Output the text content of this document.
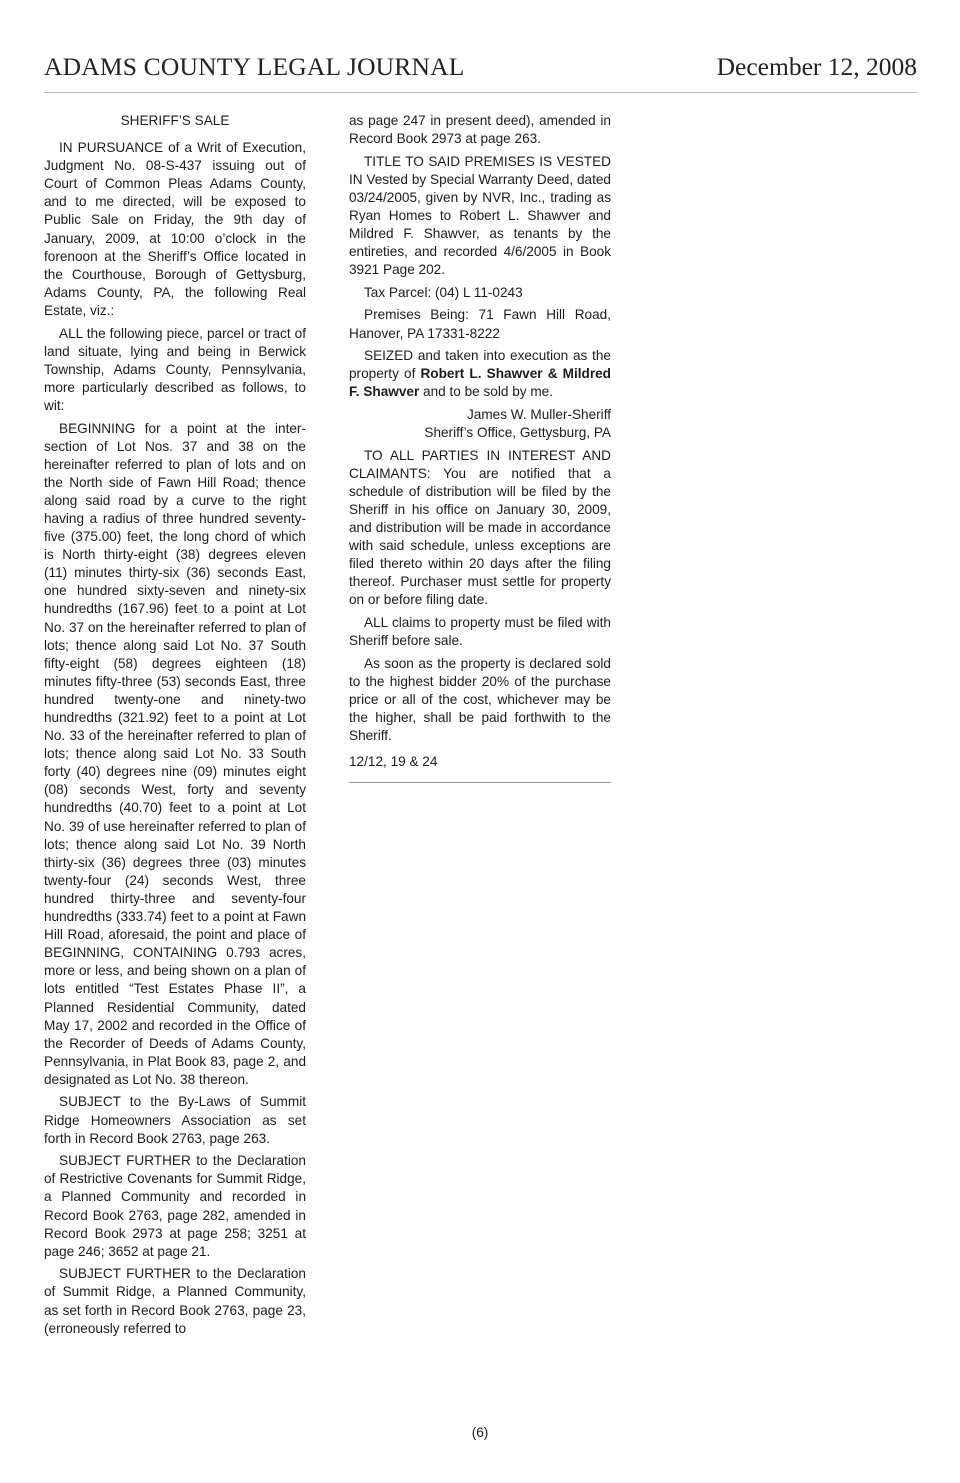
ADAMS COUNTY LEGAL JOURNAL	December 12, 2008

SHERIFF’S SALE

IN PURSUANCE of a Writ of Execution, Judgment No. 08-S-437 issuing out of Court of Common Pleas Adams County, and to me directed, will be exposed to Public Sale on Friday, the 9th day of January, 2009, at 10:00 o’clock in the forenoon at the Sheriff’s Office located in the Courthouse, Borough of Gettysburg, Adams County, PA, the following Real Estate, viz.:

ALL the following piece, parcel or tract of land situate, lying and being in Berwick Township, Adams County, Pennsylvania, more particularly described as follows, to wit:

BEGINNING for a point at the intersection of Lot Nos. 37 and 38 on the hereinafter referred to plan of lots and on the North side of Fawn Hill Road; thence along said road by a curve to the right having a radius of three hundred seventy-five (375.00) feet, the long chord of which is North thirty-eight (38) degrees eleven (11) minutes thirty-six (36) seconds East, one hundred sixty-seven and ninety-six hundredths (167.96) feet to a point at Lot No. 37 on the hereinafter referred to plan of lots; thence along said Lot No. 37 South fifty-eight (58) degrees eighteen (18) minutes fifty-three (53) seconds East, three hundred twenty-one and ninety-two hundredths (321.92) feet to a point at Lot No. 33 of the hereinafter referred to plan of lots; thence along said Lot No. 33 South forty (40) degrees nine (09) minutes eight (08) seconds West, forty and seventy hundredths (40.70) feet to a point at Lot No. 39 of use hereinafter referred to plan of lots; thence along said Lot No. 39 North thirty-six (36) degrees three (03) minutes twenty-four (24) seconds West, three hundred thirty-three and seventy-four hundredths (333.74) feet to a point at Fawn Hill Road, aforesaid, the point and place of BEGINNING, CONTAINING 0.793 acres, more or less, and being shown on a plan of lots entitled “Test Estates Phase II”, a Planned Residential Community, dated May 17, 2002 and recorded in the Office of the Recorder of Deeds of Adams County, Pennsylvania, in Plat Book 83, page 2, and designated as Lot No. 38 thereon.

SUBJECT to the By-Laws of Summit Ridge Homeowners Association as set forth in Record Book 2763, page 263.

SUBJECT FURTHER to the Declaration of Restrictive Covenants for Summit Ridge, a Planned Community and recorded in Record Book 2763, page 282, amended in Record Book 2973 at page 258; 3251 at page 246; 3652 at page 21.

SUBJECT FURTHER to the Declaration of Summit Ridge, a Planned Community, as set forth in Record Book 2763, page 23, (erroneously referred to

as page 247 in present deed), amended in Record Book 2973 at page 263.

TITLE TO SAID PREMISES IS VESTED IN Vested by Special Warranty Deed, dated 03/24/2005, given by NVR, Inc., trading as Ryan Homes to Robert L. Shawver and Mildred F. Shawver, as tenants by the entireties, and recorded 4/6/2005 in Book 3921 Page 202.

Tax Parcel: (04) L 11-0243

Premises Being: 71 Fawn Hill Road, Hanover, PA 17331-8222

SEIZED and taken into execution as the property of Robert L. Shawver & Mildred F. Shawver and to be sold by me.

James W. Muller-Sheriff

Sheriff’s Office, Gettysburg, PA

TO ALL PARTIES IN INTEREST AND CLAIMANTS: You are notified that a schedule of distribution will be filed by the Sheriff in his office on January 30, 2009, and distribution will be made in accordance with said schedule, unless exceptions are filed thereto within 20 days after the filing thereof. Purchaser must settle for property on or before filing date.

ALL claims to property must be filed with Sheriff before sale.

As soon as the property is declared sold to the highest bidder 20% of the purchase price or all of the cost, whichever may be the higher, shall be paid forthwith to the Sheriff.

12/12, 19 & 24

(6)
